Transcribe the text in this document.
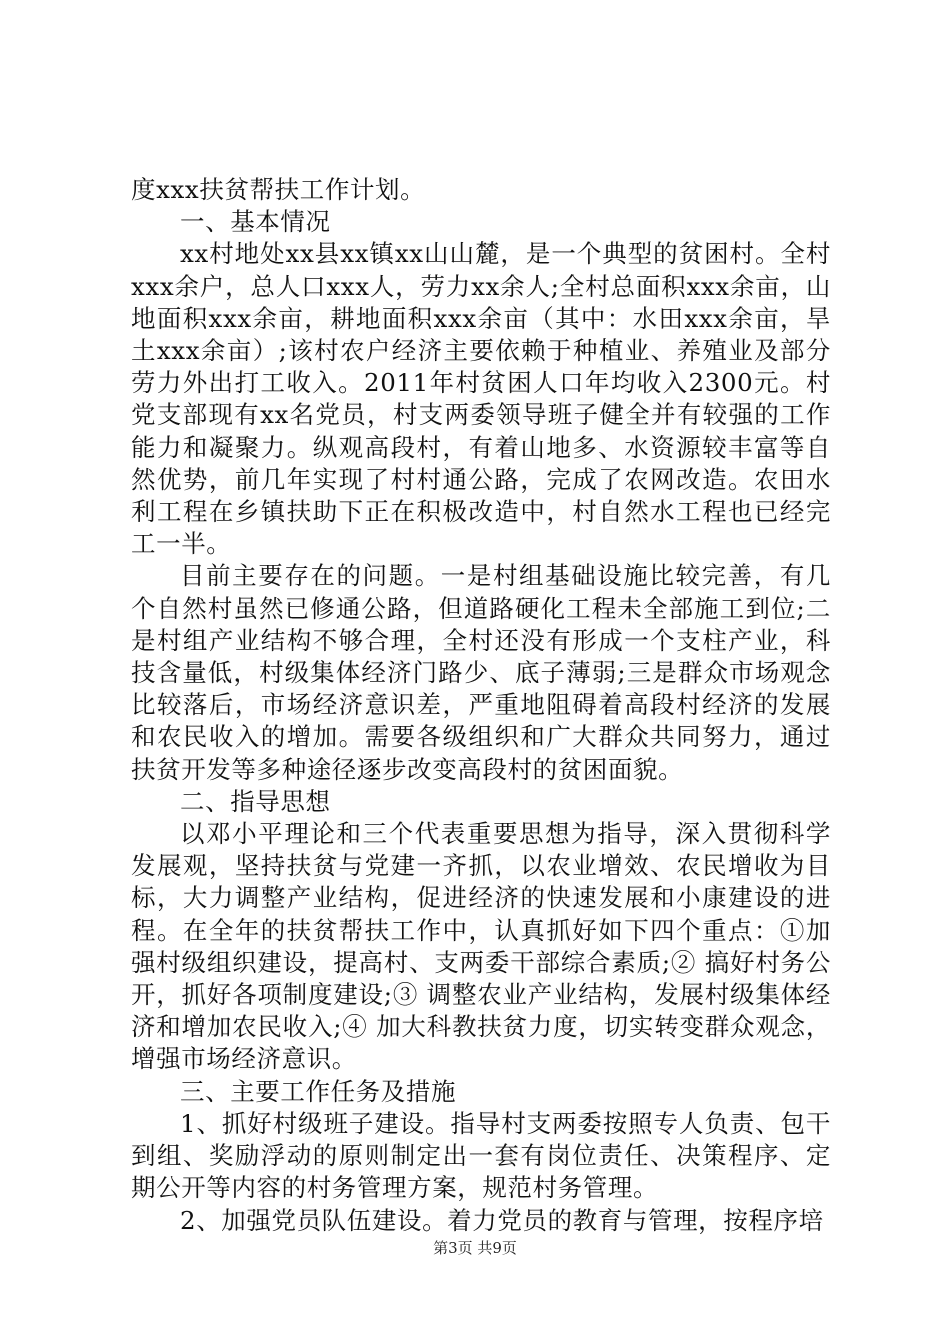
度xxx扶贫帮扶工作计划。

一、基本情况

xx村地处xx县xx镇xx山山麓，是一个典型的贫困村。全村xxx余户，总人口xxx人，劳力xx余人;全村总面积xxx余亩，山地面积xxx余亩，耕地面积xxx余亩（其中：水田xxx余亩，旱土xxx余亩）;该村农户经济主要依赖于种植业、养殖业及部分劳力外出打工收入。2011年村贫困人口年均收入2300元。村党支部现有xx名党员，村支两委领导班子健全并有较强的工作能力和凝聚力。纵观高段村，有着山地多、水资源较丰富等自然优势，前几年实现了村村通公路，完成了农网改造。农田水利工程在乡镇扶助下正在积极改造中，村自然水工程也已经完工一半。

目前主要存在的问题。一是村组基础设施比较完善，有几个自然村虽然已修通公路，但道路硬化工程未全部施工到位;二是村组产业结构不够合理，全村还没有形成一个支柱产业，科技含量低，村级集体经济门路少、底子薄弱;三是群众市场观念比较落后，市场经济意识差，严重地阻碍着高段村经济的发展和农民收入的增加。需要各级组织和广大群众共同努力，通过扶贫开发等多种途径逐步改变高段村的贫困面貌。

二、指导思想

以邓小平理论和三个代表重要思想为指导，深入贯彻科学发展观，坚持扶贫与党建一齐抓，以农业增效、农民增收为目标，大力调整产业结构，促进经济的快速发展和小康建设的进程。在全年的扶贫帮扶工作中，认真抓好如下四个重点：①加强村级组织建设，提高村、支两委干部综合素质;② 搞好村务公开，抓好各项制度建设;③ 调整农业产业结构，发展村级集体经济和增加农民收入;④ 加大科教扶贫力度，切实转变群众观念，增强市场经济意识。

三、主要工作任务及措施

1、抓好村级班子建设。指导村支两委按照专人负责、包干到组、奖励浮动的原则制定出一套有岗位责任、决策程序、定期公开等内容的村务管理方案，规范村务管理。

2、加强党员队伍建设。着力党员的教育与管理，按程序培

第3页 共9页
